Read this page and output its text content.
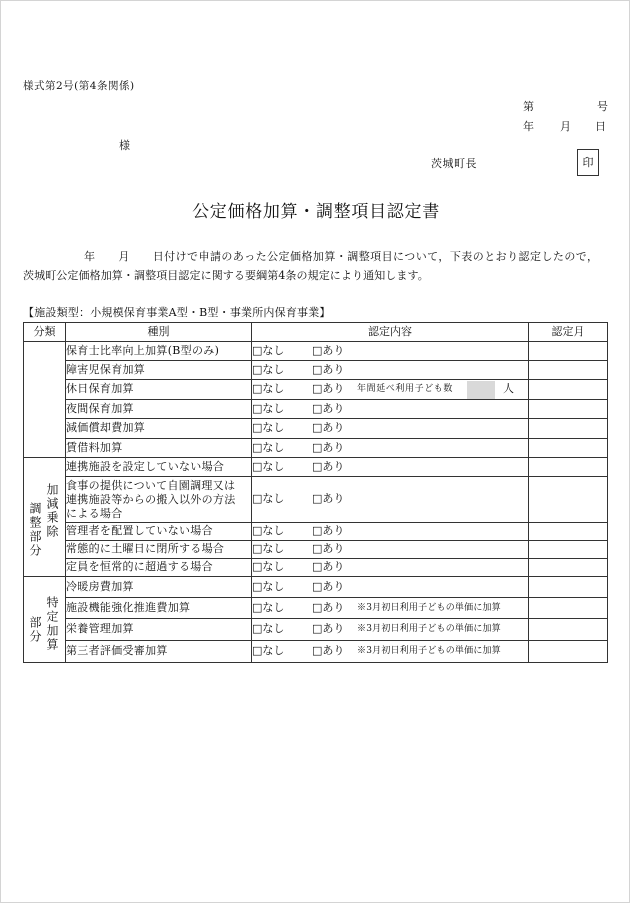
様式第2号(第4条関係)
第	号
年 月 日
様
茨城町長	印
公定価格加算・調整項目認定書
年　　月　　日付けで申請のあった公定価格加算・調整項目について，下表のとおり認定したので，
茨城町公定価格加算・調整項目認定に関する要綱第4条の規定により通知します。
【施設類型：小規模保育事業A型・B型・事業所内保育事業】
分類	種別	認定内容	認定月
	保育士比率向上加算(B型のみ)	□なし □あり	
	障害児保育加算	□なし □あり	
	休日保育加算	□なし □あり 年間延べ利用子ども数 人	
	夜間保育加算	□なし □あり	
	減価償却費加算	□なし □あり	
	賃借料加算	□なし □あり	

加減乗除
調整部分	連携施設を設定していない場合	□なし □あり	

	食事の提供について自園調理又は
連携施設等からの搬入以外の方法
による場合	□なし □あり	
	管理者を配置していない場合	□なし □あり	
	常態的に土曜日に閉所する場合	□なし □あり	
	定員を恒常的に超過する場合	□なし □あり	

特定加算
部分	冷暖房費加算	□なし □あり	
	施設機能強化推進費加算	□なし □あり ※3月初日利用子どもの単価に加算	
	栄養管理加算	□なし □あり ※3月初日利用子どもの単価に加算	
	第三者評価受審加算	□なし □あり ※3月初日利用子どもの単価に加算	
